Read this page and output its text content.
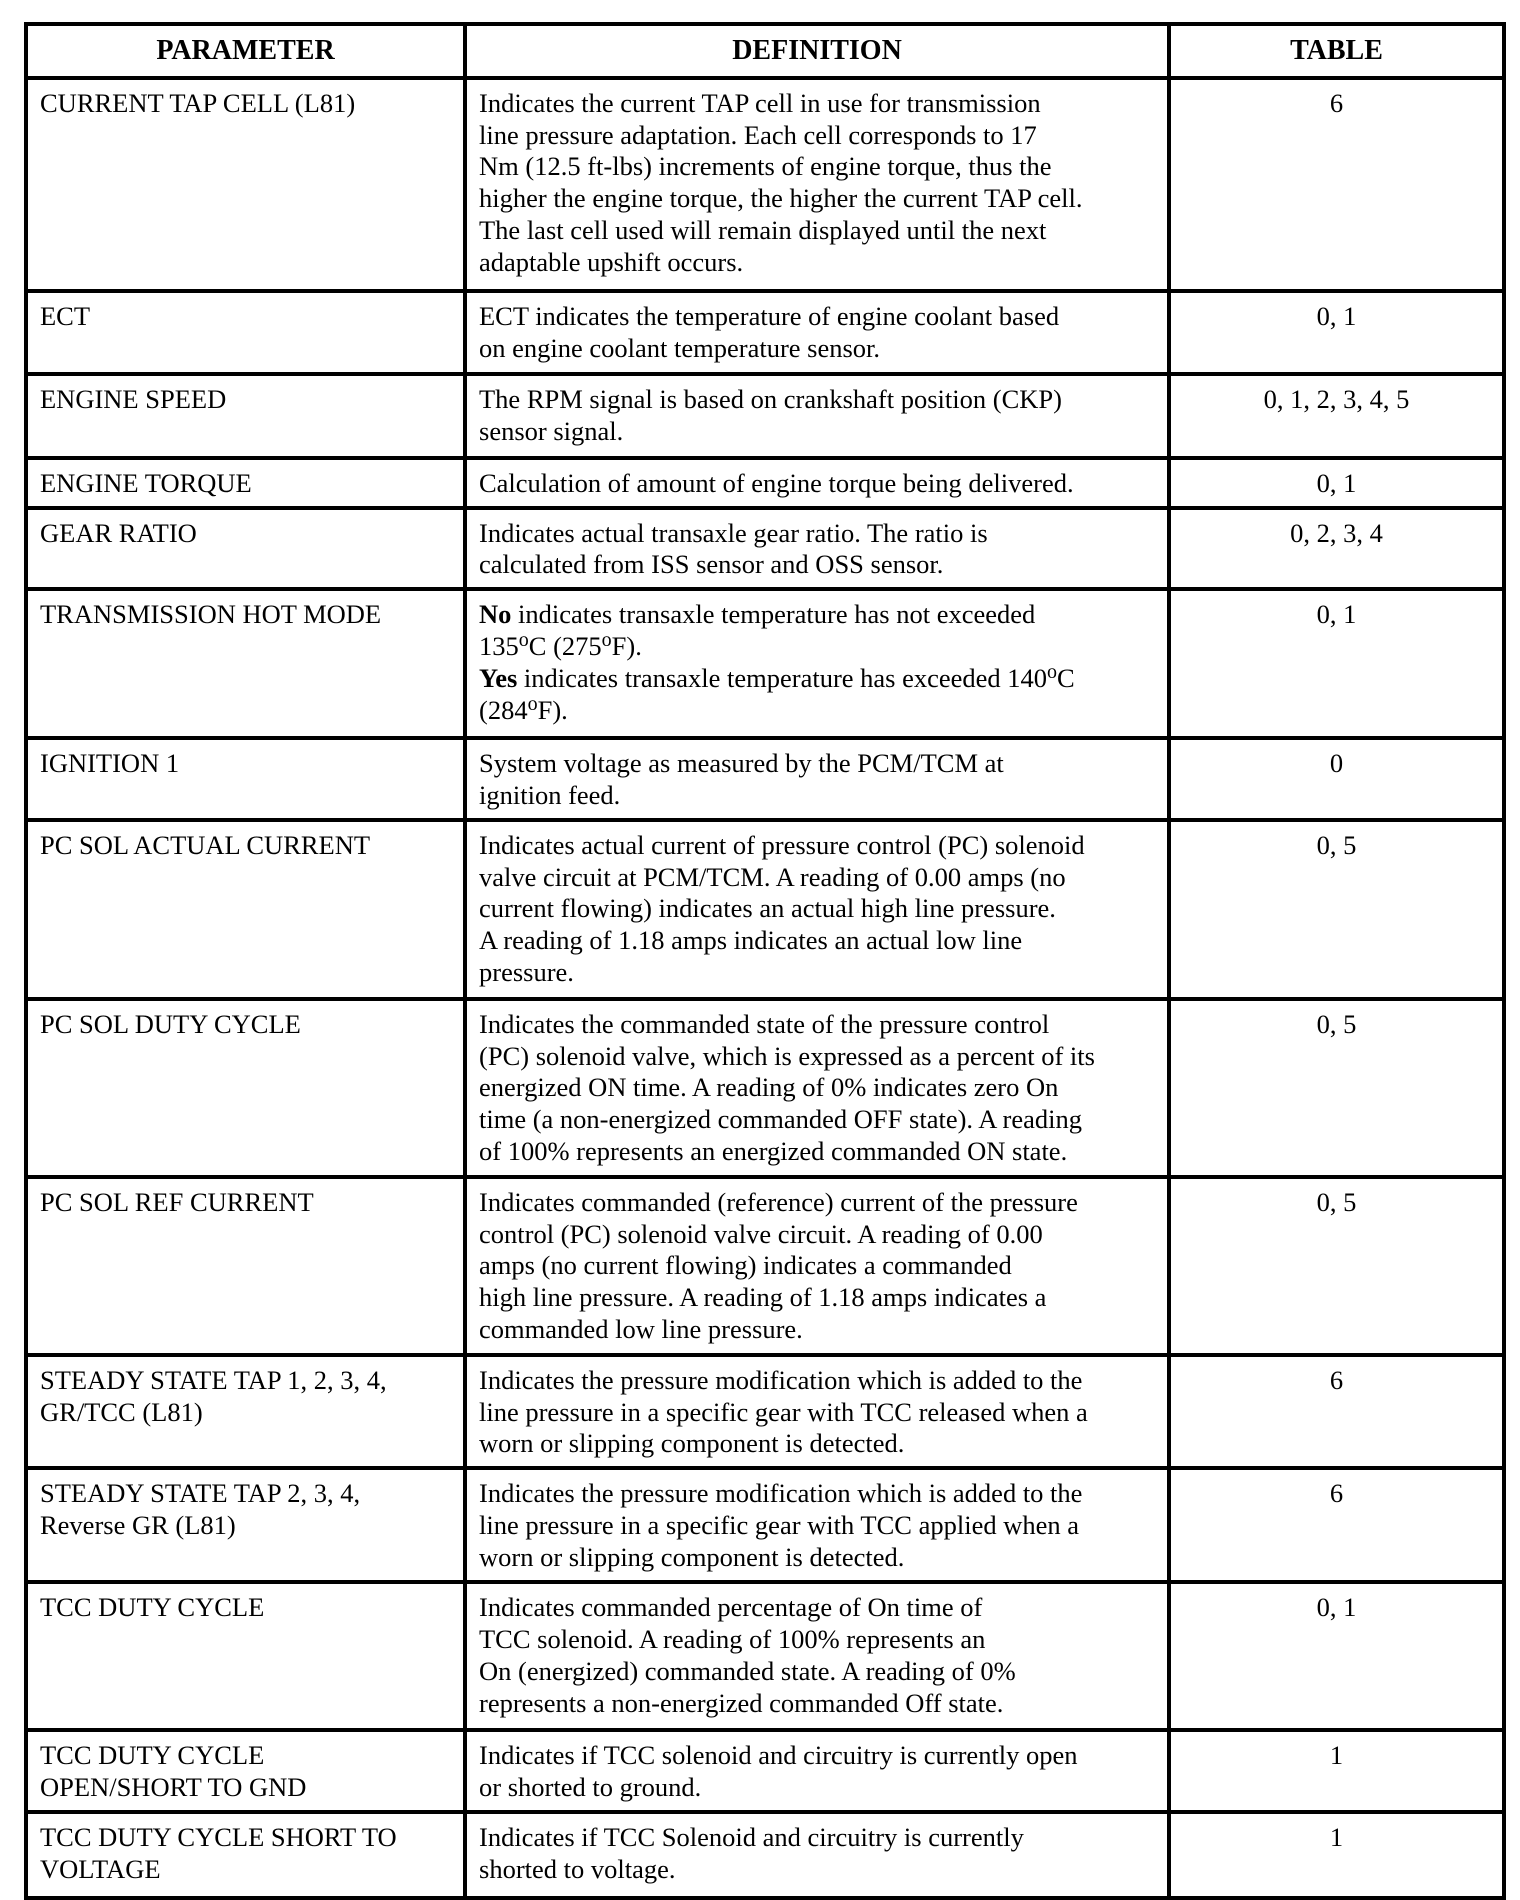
PARAMETER	DEFINITION	TABLE

CURRENT TAP CELL (L81)	Indicates the current TAP cell in use for transmission
line pressure adaptation. Each cell corresponds to 17
Nm (12.5 ft-lbs) increments of engine torque, thus the
higher the engine torque, the higher the current TAP cell.
The last cell used will remain displayed until the next
adaptable upshift occurs.
	6

ECT	ECT indicates the temperature of engine coolant based
on engine coolant temperature sensor.	0, 1

ENGINE SPEED	The RPM signal is based on crankshaft position (CKP)
sensor signal.	0, 1, 2, 3, 4, 5

ENGINE TORQUE	Calculation of amount of engine torque being delivered.	0, 1

GEAR RATIO	Indicates actual transaxle gear ratio. The ratio is
calculated from ISS sensor and OSS sensor.	0, 2, 3, 4

TRANSMISSION HOT MODE	No indicates transaxle temperature has not exceeded
135$^o$C (275$^o$F).
Yes indicates transaxle temperature has exceeded 140$^o$C
(284$^o$F).	0, 1

IGNITION 1	System voltage as measured by the PCM/TCM at
ignition feed.	0

PC SOL ACTUAL CURRENT	Indicates actual current of pressure control (PC) solenoid
valve circuit at PCM/TCM. A reading of 0.00 amps (no
current flowing) indicates an actual high line pressure.
A reading of 1.18 amps indicates an actual low line
pressure.	0, 5

PC SOL DUTY CYCLE	Indicates the commanded state of the pressure control
(PC) solenoid valve, which is expressed as a percent of its
energized ON time. A reading of 0% indicates zero On
time (a non-energized commanded OFF state). A reading
of 100% represents an energized commanded ON state.	0, 5

PC SOL REF CURRENT	Indicates commanded (reference) current of the pressure
control (PC) solenoid valve circuit. A reading of 0.00
amps (no current flowing) indicates a commanded
high line pressure. A reading of 1.18 amps indicates a
commanded low line pressure.	0, 5

STEADY STATE TAP 1, 2, 3, 4,
GR/TCC (L81)	Indicates the pressure modification which is added to the
line pressure in a specific gear with TCC released when a
worn or slipping component is detected.	6

STEADY STATE TAP 2, 3, 4,
Reverse GR (L81)	Indicates the pressure modification which is added to the
line pressure in a specific gear with TCC applied when a
worn or slipping component is detected.	6

TCC DUTY CYCLE	Indicates commanded percentage of On time of
TCC solenoid. A reading of 100% represents an
On (energized) commanded state. A reading of 0%
represents a non-energized commanded Off state.	0, 1

TCC DUTY CYCLE
OPEN/SHORT TO GND	Indicates if TCC solenoid and circuitry is currently open
or shorted to ground.	1

TCC DUTY CYCLE SHORT TO
VOLTAGE	Indicates if TCC Solenoid and circuitry is currently
shorted to voltage.	1
